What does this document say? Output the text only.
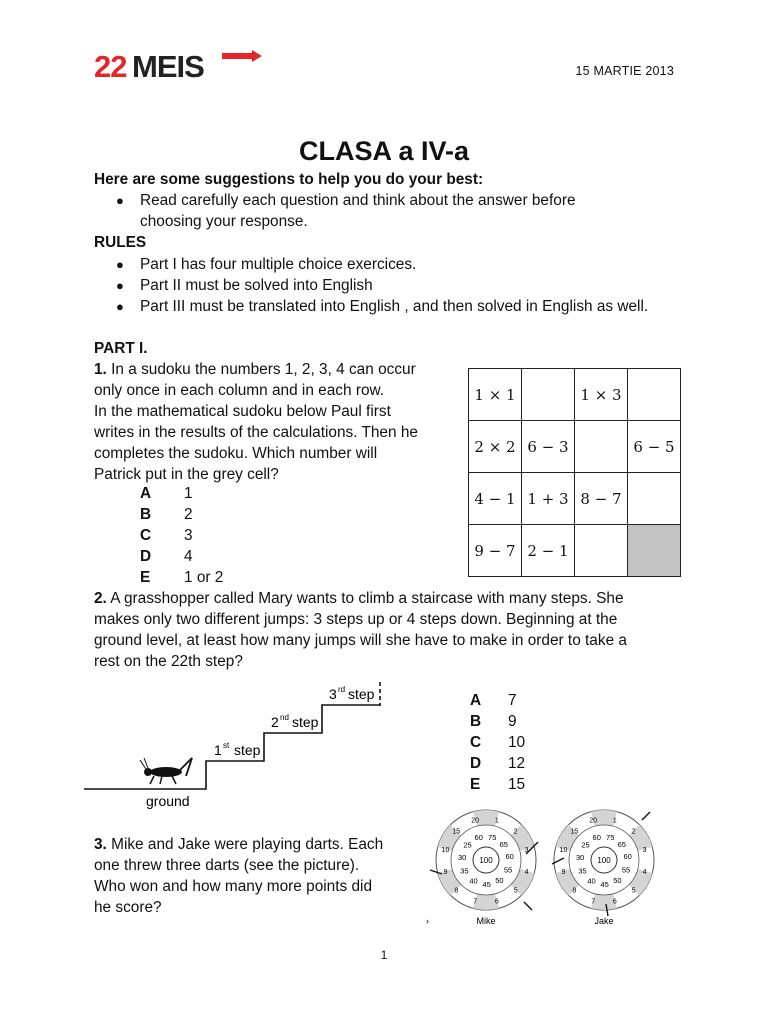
22 MEIS	15 MARTIE 2013
CLASA a IV-a
Here are some suggestions to help you do your best:
● Read carefully each question and think about the answer before choosing your response.
RULES
● Part I has four multiple choice exercices.
● Part II must be solved into English
● Part III must be translated into English , and then solved in English as well.
PART I.
1. In a sudoku the numbers 1, 2, 3, 4 can occur
only once in each column and in each row.
In the mathematical sudoku below Paul first
writes in the results of the calculations. Then he
completes the sudoku. Which number will
Patrick put in the grey cell?
A 1
B 2
C 3
D 4
E 1 or 2
1 × 1		1 × 3	
2 × 2	6 − 3		6 − 5
4 − 1	1 + 3	8 − 7	
9 − 7	2 − 1		
2. A grasshopper called Mary wants to climb a staircase with many steps. She
makes only two different jumps: 3 steps up or 4 steps down. Beginning at the
ground level, at least how many jumps will she have to make in order to take a
rest on the 22th step?
ground
1 st step
2 nd step
3 rd step	A 7
B 9
C 10
D 12
E 15
3. Mike and Jake were playing darts. Each
one threw three darts (see the picture).
Who won and how many more points did
he score?
1
2
3
4
5
6
7
8
9
10
15
20
75
65
60
55
50
45
40
35
30
25
60
100
1
2
3
4
5
6
7
8
9
10
15
20
75
65
60
55
50
45
40
35
30
25
60
100
Mike	Jake
›
1
